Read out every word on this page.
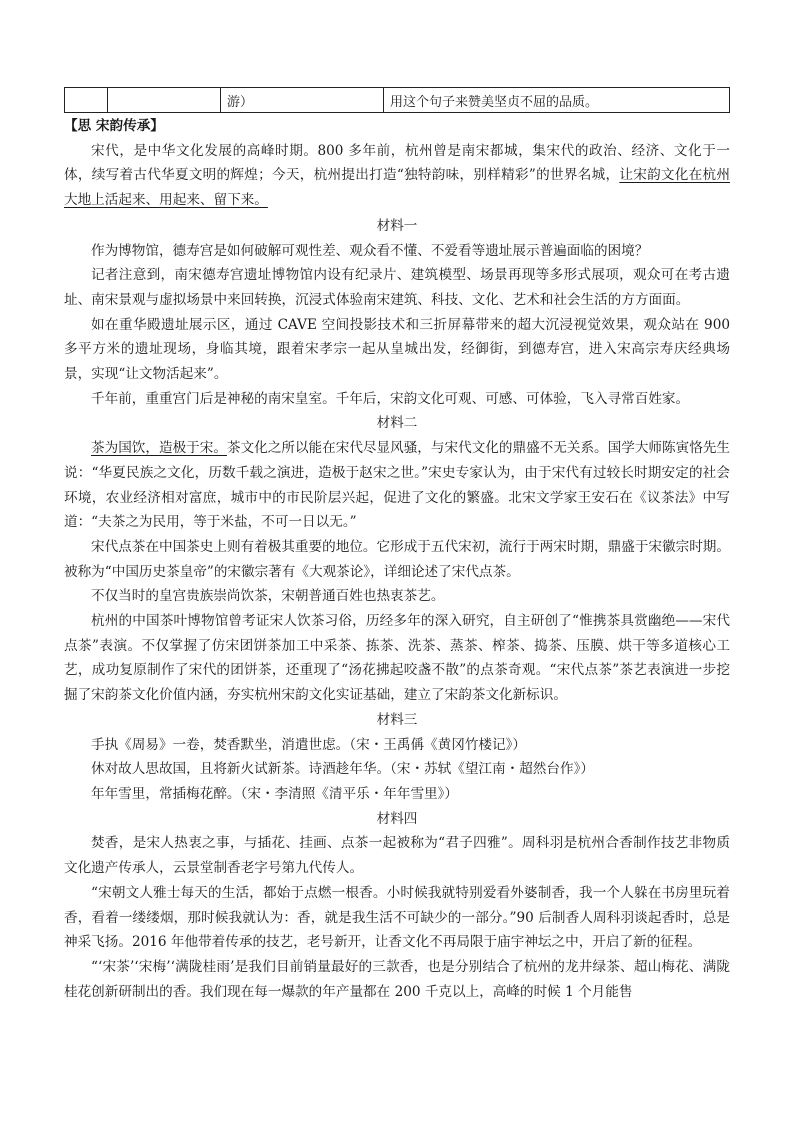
		游）	用这个句子来赞美坚贞不屈的品质。

【思 宋韵传承】

宋代，是中华文化发展的高峰时期。800 多年前，杭州曾是南宋都城，集宋代的政治、经济、文化于一体，续写着古代华夏文明的辉煌；今天，杭州提出打造“独特韵味，别样精彩”的世界名城，让宋韵文化在杭州大地上活起来、用起来、留下来。

材料一

作为博物馆，德寿宫是如何破解可观性差、观众看不懂、不爱看等遗址展示普遍面临的困境？

记者注意到，南宋德寿宫遗址博物馆内设有纪录片、建筑模型、场景再现等多形式展项，观众可在考古遗址、南宋景观与虚拟场景中来回转换，沉浸式体验南宋建筑、科技、文化、艺术和社会生活的方方面面。

如在重华殿遗址展示区，通过 CAVE 空间投影技术和三折屏幕带来的超大沉浸视觉效果，观众站在 900 多平方米的遗址现场，身临其境，跟着宋孝宗一起从皇城出发，经御街，到德寿宫，进入宋高宗寿庆经典场景，实现“让文物活起来”。

千年前，重重宫门后是神秘的南宋皇室。千年后，宋韵文化可观、可感、可体验，飞入寻常百姓家。

材料二

茶为国饮，造极于宋。茶文化之所以能在宋代尽显风骚，与宋代文化的鼎盛不无关系。国学大师陈寅恪先生说：“华夏民族之文化，历数千载之演进，造极于赵宋之世。”宋史专家认为，由于宋代有过较长时期安定的社会环境，农业经济相对富庶，城市中的市民阶层兴起，促进了文化的繁盛。北宋文学家王安石在《议茶法》中写道：“夫茶之为民用，等于米盐，不可一日以无。”

宋代点茶在中国茶史上则有着极其重要的地位。它形成于五代宋初，流行于两宋时期，鼎盛于宋徽宗时期。被称为“中国历史茶皇帝”的宋徽宗著有《大观茶论》，详细论述了宋代点茶。

不仅当时的皇宫贵族崇尚饮茶，宋朝普通百姓也热衷茶艺。

杭州的中国茶叶博物馆曾考证宋人饮茶习俗，历经多年的深入研究，自主研创了“惟携茶具赏幽绝——宋代点茶”表演。不仅掌握了仿宋团饼茶加工中采茶、拣茶、洗茶、蒸茶、榨茶、捣茶、压膜、烘干等多道核心工艺，成功复原制作了宋代的团饼茶，还重现了“汤花拂起咬盏不散”的点茶奇观。“宋代点茶”茶艺表演进一步挖掘了宋韵茶文化价值内涵，夯实杭州宋韵文化实证基础，建立了宋韵茶文化新标识。

材料三

手执《周易》一卷，焚香默坐，消遣世虑。（宋・王禹偁《黄冈竹楼记》）

休对故人思故国，且将新火试新茶。诗酒趁年华。（宋・苏轼《望江南・超然台作》）

年年雪里，常插梅花醉。（宋・李清照《清平乐・年年雪里》）

材料四

焚香，是宋人热衷之事，与插花、挂画、点茶一起被称为“君子四雅”。周科羽是杭州合香制作技艺非物质文化遗产传承人，云景堂制香老字号第九代传人。

“宋朝文人雅士每天的生活，都始于点燃一根香。小时候我就特别爱看外婆制香，我一个人躲在书房里玩着香，看着一缕缕烟，那时候我就认为：香，就是我生活不可缺少的一部分。”90 后制香人周科羽谈起香时，总是神采飞扬。2016 年他带着传承的技艺，老号新开，让香文化不再局限于庙宇神坛之中，开启了新的征程。

“‘宋茶’‘宋梅’‘满陇桂雨’是我们目前销量最好的三款香，也是分别结合了杭州的龙井绿茶、超山梅花、满陇桂花创新研制出的香。我们现在每一爆款的年产量都在 200 千克以上，高峰的时候 1 个月能售
